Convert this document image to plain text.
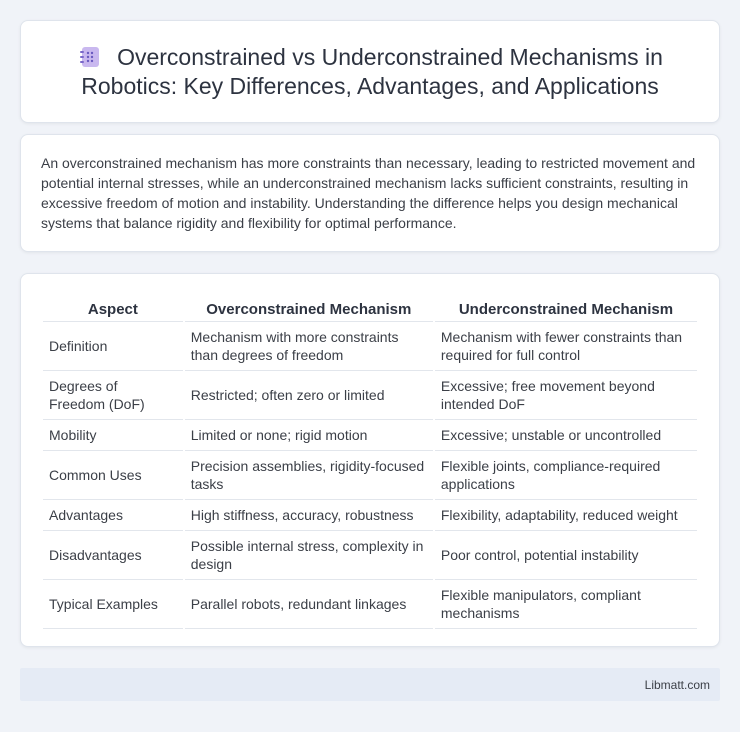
Overconstrained vs Underconstrained Mechanisms in Robotics: Key Differences, Advantages, and Applications

An overconstrained mechanism has more constraints than necessary, leading to restricted movement and potential internal stresses, while an underconstrained mechanism lacks sufficient constraints, resulting in excessive freedom of motion and instability. Understanding the difference helps you design mechanical systems that balance rigidity and flexibility for optimal performance.

Aspect	Overconstrained Mechanism	Underconstrained Mechanism
Definition	Mechanism with more constraints than degrees of freedom	Mechanism with fewer constraints than required for full control
Degrees of Freedom (DoF)	Restricted; often zero or limited	Excessive; free movement beyond intended DoF
Mobility	Limited or none; rigid motion	Excessive; unstable or uncontrolled
Common Uses	Precision assemblies, rigidity-focused tasks	Flexible joints, compliance-required applications
Advantages	High stiffness, accuracy, robustness	Flexibility, adaptability, reduced weight
Disadvantages	Possible internal stress, complexity in design	Poor control, potential instability
Typical Examples	Parallel robots, redundant linkages	Flexible manipulators, compliant mechanisms
Libmatt.com
